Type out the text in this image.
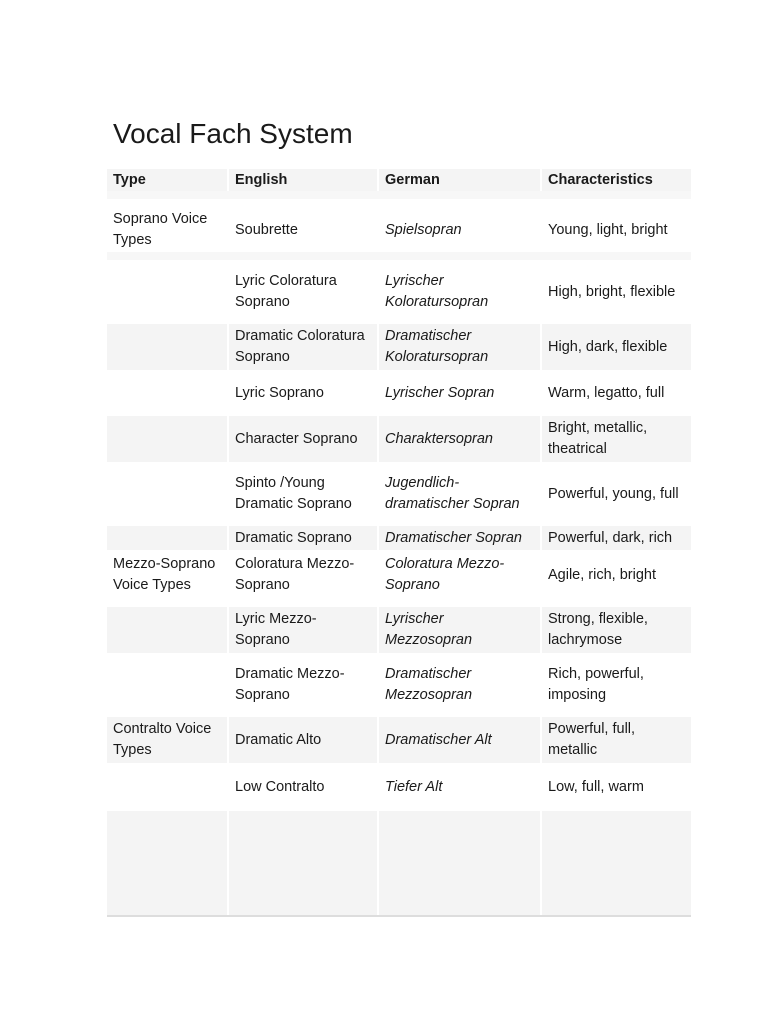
Vocal Fach System

Type	English	German	Characteristics

Soprano Voice Types	Soubrette	Spielsopran	Young, light, bright

	Lyric Coloratura Soprano	Lyrischer Koloratursopran	High, bright, flexible

	Dramatic Coloratura Soprano	Dramatischer Koloratursopran	High, dark, flexible

	Lyric Soprano	Lyrischer Sopran	Warm, legatto, full

	Character Soprano	Charaktersopran	Bright, metallic, theatrical

	Spinto /Young Dramatic Soprano	Jugendlich-dramatischer Sopran	Powerful, young, full

	Dramatic Soprano	Dramatischer Sopran	Powerful, dark, rich

Mezzo-Soprano Voice Types	Coloratura Mezzo-Soprano	Coloratura Mezzo-Soprano	Agile, rich, bright

	Lyric Mezzo-Soprano	Lyrischer Mezzosopran	Strong, flexible, lachrymose

	Dramatic Mezzo-Soprano	Dramatischer Mezzosopran	Rich, powerful, imposing

Contralto Voice Types	Dramatic Alto	Dramatischer Alt	Powerful, full, metallic

	Low Contralto	Tiefer Alt	Low, full, warm
